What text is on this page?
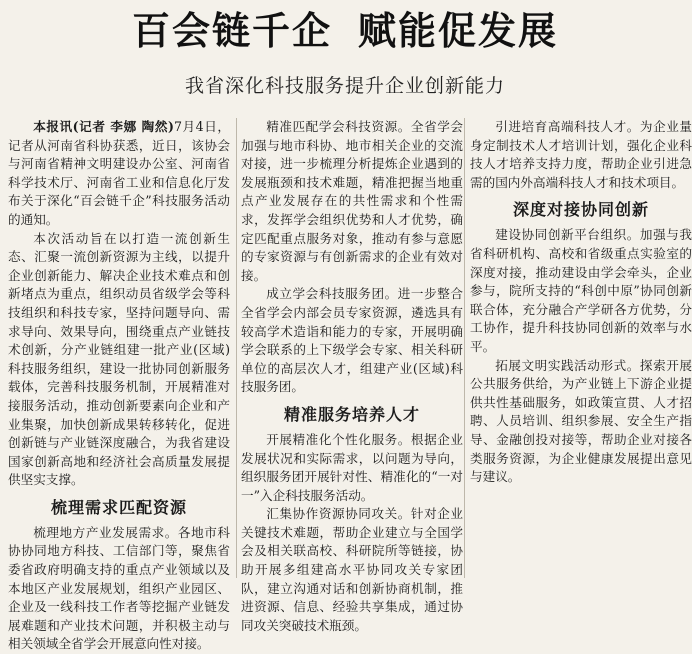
百会链千企 赋能促发展
我省深化科技服务提升企业创新能力

本报讯(记者 李娜 陶然)7月4日，记者从河南省科协获悉，近日，该协会与河南省精神文明建设办公室、河南省科学技术厅、河南省工业和信息化厅发布关于深化“百会链千企”科技服务活动的通知。

本次活动旨在以打造一流创新生态、汇聚一流创新资源为主线，以提升企业创新能力、解决企业技术难点和创新堵点为重点，组织动员省级学会等科技组织和科技专家，坚持问题导向、需求导向、效果导向，围绕重点产业链技术创新，分产业链组建一批产业(区域)科技服务组织，建设一批协同创新服务载体，完善科技服务机制，开展精准对接服务活动，推动创新要素向企业和产业集聚，加快创新成果转移转化，促进创新链与产业链深度融合，为我省建设国家创新高地和经济社会高质量发展提供坚实支撑。

梳理需求匹配资源

梳理地方产业发展需求。各地市科协协同地方科技、工信部门等，聚焦省委省政府明确支持的重点产业领域以及本地区产业发展规划，组织产业园区、企业及一线科技工作者等挖掘产业链发展难题和产业技术问题，并积极主动与相关领域全省学会开展意向性对接。

精准匹配学会科技资源。全省学会加强与地市科协、地市相关企业的交流对接，进一步梳理分析提炼企业遇到的发展瓶颈和技术难题，精准把握当地重点产业发展存在的共性需求和个性需求，发挥学会组织优势和人才优势，确定匹配重点服务对象，推动有参与意愿的专家资源与有创新需求的企业有效对接。

成立学会科技服务团。进一步整合全省学会内部会员专家资源，遴选具有较高学术造诣和能力的专家，开展明确学会联系的上下级学会专家、相关科研单位的高层次人才，组建产业(区域)科技服务团。

精准服务培养人才

开展精准化个性化服务。根据企业发展状况和实际需求，以问题为导向，组织服务团开展针对性、精准化的“一对一”入企科技服务活动。

汇集协作资源协同攻关。针对企业关键技术难题，帮助企业建立与全国学会及相关联高校、科研院所等链接，协助开展多组建高水平协同攻关专家团队，建立沟通对话和创新协商机制，推进资源、信息、经验共享集成，通过协同攻关突破技术瓶颈。

引进培育高端科技人才。为企业量身定制技术人才培训计划，强化企业科技人才培养支持力度，帮助企业引进急需的国内外高端科技人才和技术项目。

深度对接协同创新

建设协同创新平台组织。加强与我省科研机构、高校和省级重点实验室的深度对接，推动建设由学会牵头，企业参与，院所支持的“科创中原”协同创新联合体，充分融合产学研各方优势，分工协作，提升科技协同创新的效率与水平。

拓展文明实践活动形式。探索开展公共服务供给，为产业链上下游企业提供共性基础服务，如政策宣贯、人才招聘、人员培训、组织参展、安全生产指导、金融创投对接等，帮助企业对接各类服务资源，为企业健康发展提出意见与建议。
